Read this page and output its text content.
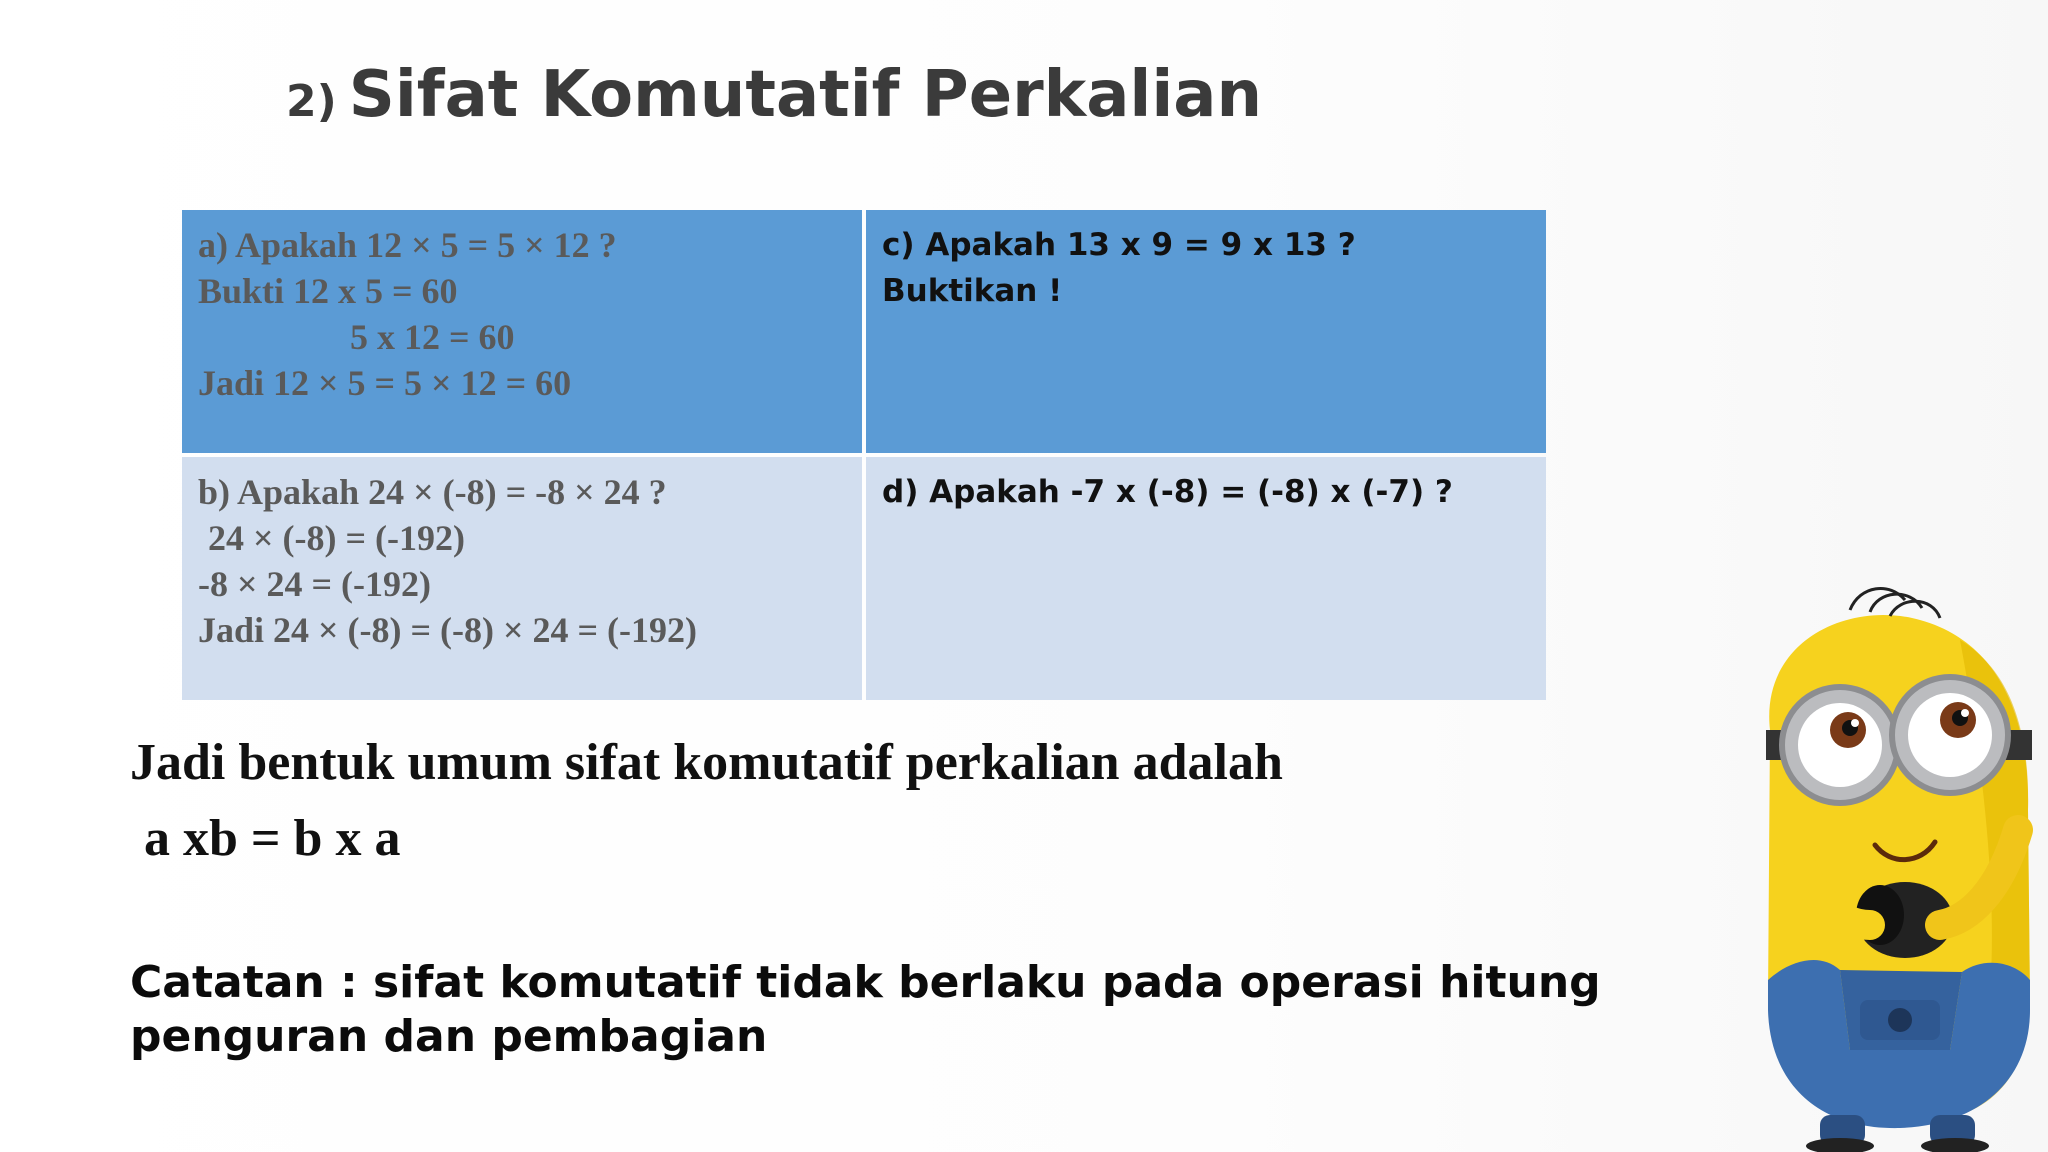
2) Sifat Komutatif Perkalian
a) Apakah 12 × 5 = 5 × 12 ?
Bukti 12 x 5 = 60
5 x 12 = 60
Jadi 12 × 5 = 5 × 12 = 60
c) Apakah 13 x 9 = 9 x 13 ?
Buktikan !
b) Apakah 24 × (-8) = -8 × 24 ?
24 × (-8) = (-192)
-8 × 24 = (-192)
Jadi 24 × (-8) = (-8) × 24 = (-192)
d) Apakah -7 x (-8) = (-8) x (-7) ?
Jadi bentuk umum sifat komutatif perkalian adalah
a xb = b x a
Catatan : sifat komutatif tidak berlaku pada operasi hitung penguran dan pembagian
